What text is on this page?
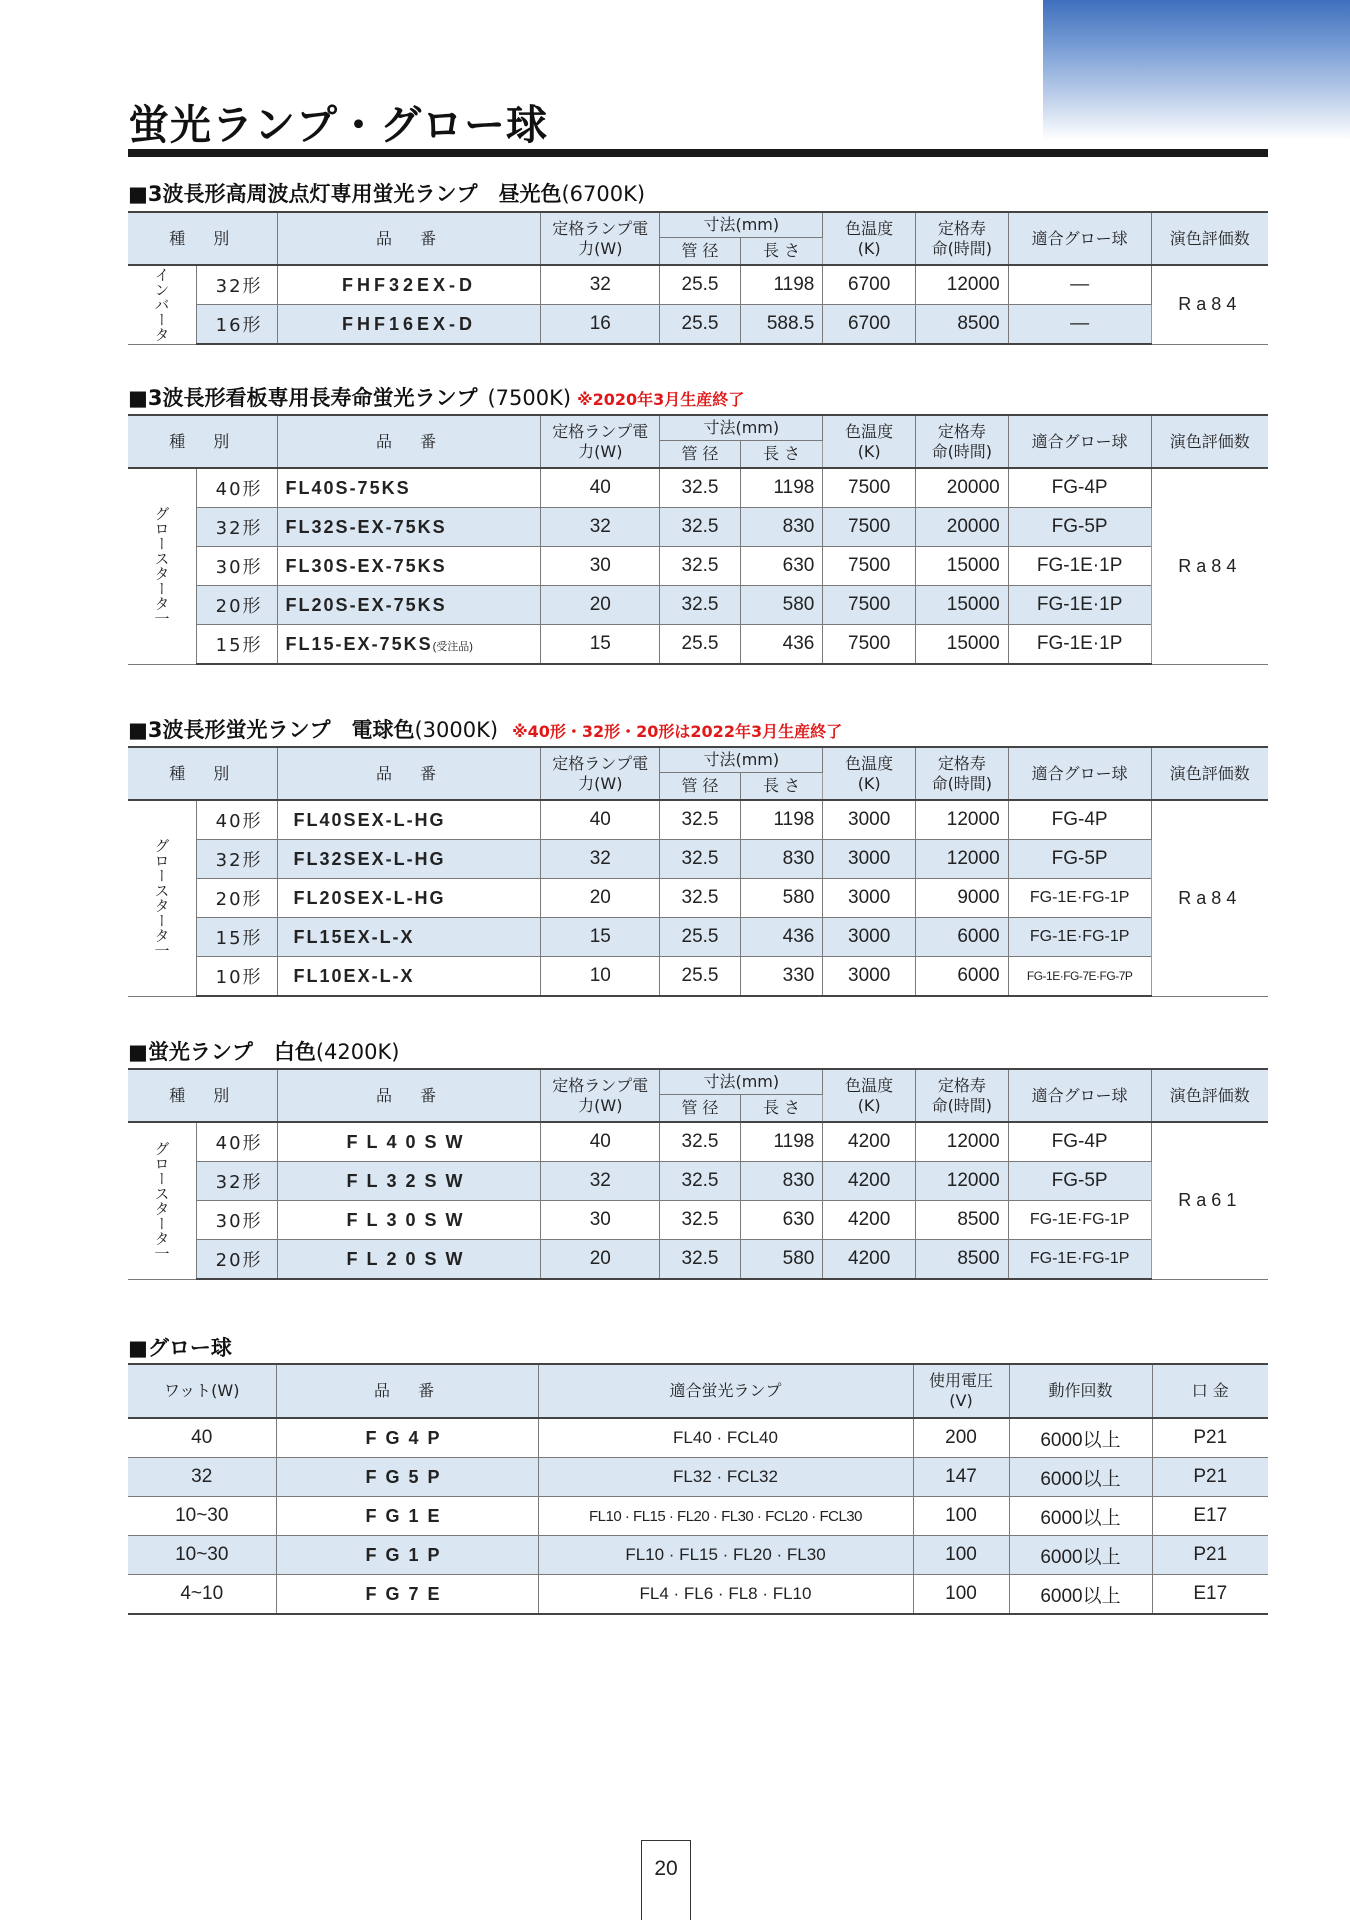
蛍光ランプ・グロー球
■3波長形高周波点灯専用蛍光ランプ　昼光色(6700K)
種　別		品　番	定格ランプ電力(W)	寸法(mm)		色温度(K)	定格寿命(時間)	適合グロー球	演色評価数
				管 径	長 さ				
インバータ	32形	FHF32EX-D	32	25.5	1198	6700	12000	—	Ra84
	16形	FHF16EX-D	16	25.5	588.5	6700	8500	—	
■3波長形看板専用長寿命蛍光ランプ (7500K) ※2020年3月生産終了
種　別		品　番	定格ランプ電力(W)	寸法(mm)		色温度(K)	定格寿命(時間)	適合グロー球	演色評価数
				管 径	長 さ				
グロースタータ一	40形	FL40S-75KS	40	32.5	1198	7500	20000	FG-4P	Ra84
	32形	FL32S-EX-75KS	32	32.5	830	7500	20000	FG-5P	
	30形	FL30S-EX-75KS	30	32.5	630	7500	15000	FG-1E·1P	
	20形	FL20S-EX-75KS	20	32.5	580	7500	15000	FG-1E·1P	
	15形	FL15-EX-75KS(受注品)	15	25.5	436	7500	15000	FG-1E·1P	
■3波長形蛍光ランプ　電球色(3000K) ※40形・32形・20形は2022年3月生産終了
種　別		品　番	定格ランプ電力(W)	寸法(mm)		色温度(K)	定格寿命(時間)	適合グロー球	演色評価数
				管 径	長 さ				
グロースタータ一	40形	FL40SEX-L-HG	40	32.5	1198	3000	12000	FG-4P	Ra84
	32形	FL32SEX-L-HG	32	32.5	830	3000	12000	FG-5P	
	20形	FL20SEX-L-HG	20	32.5	580	3000	9000	FG-1E·FG-1P	
	15形	FL15EX-L-X	15	25.5	436	3000	6000	FG-1E·FG-1P	
	10形	FL10EX-L-X	10	25.5	330	3000	6000	FG-1E·FG-7E·FG-7P	
■蛍光ランプ　白色(4200K)
種　別		品　番	定格ランプ電力(W)	寸法(mm)		色温度(K)	定格寿命(時間)	適合グロー球	演色評価数
				管 径	長 さ				
グロースタータ一	40形	FL40SW	40	32.5	1198	4200	12000	FG-4P	Ra61
	32形	FL32SW	32	32.5	830	4200	12000	FG-5P	
	30形	FL30SW	30	32.5	630	4200	8500	FG-1E·FG-1P	
	20形	FL20SW	20	32.5	580	4200	8500	FG-1E·FG-1P	
■グロー球
ワット(W)	品　番	適合蛍光ランプ	使用電圧(V)	動作回数	口 金
40	FG4P	FL40 · FCL40	200	6000以上	P21
32	FG5P	FL32 · FCL32	147	6000以上	P21
10~30	FG1E	FL10 · FL15 · FL20 · FL30 · FCL20 · FCL30	100	6000以上	E17
10~30	FG1P	FL10 · FL15 · FL20 · FL30	100	6000以上	P21
4~10	FG7E	FL4 · FL6 · FL8 · FL10	100	6000以上	E17
20
